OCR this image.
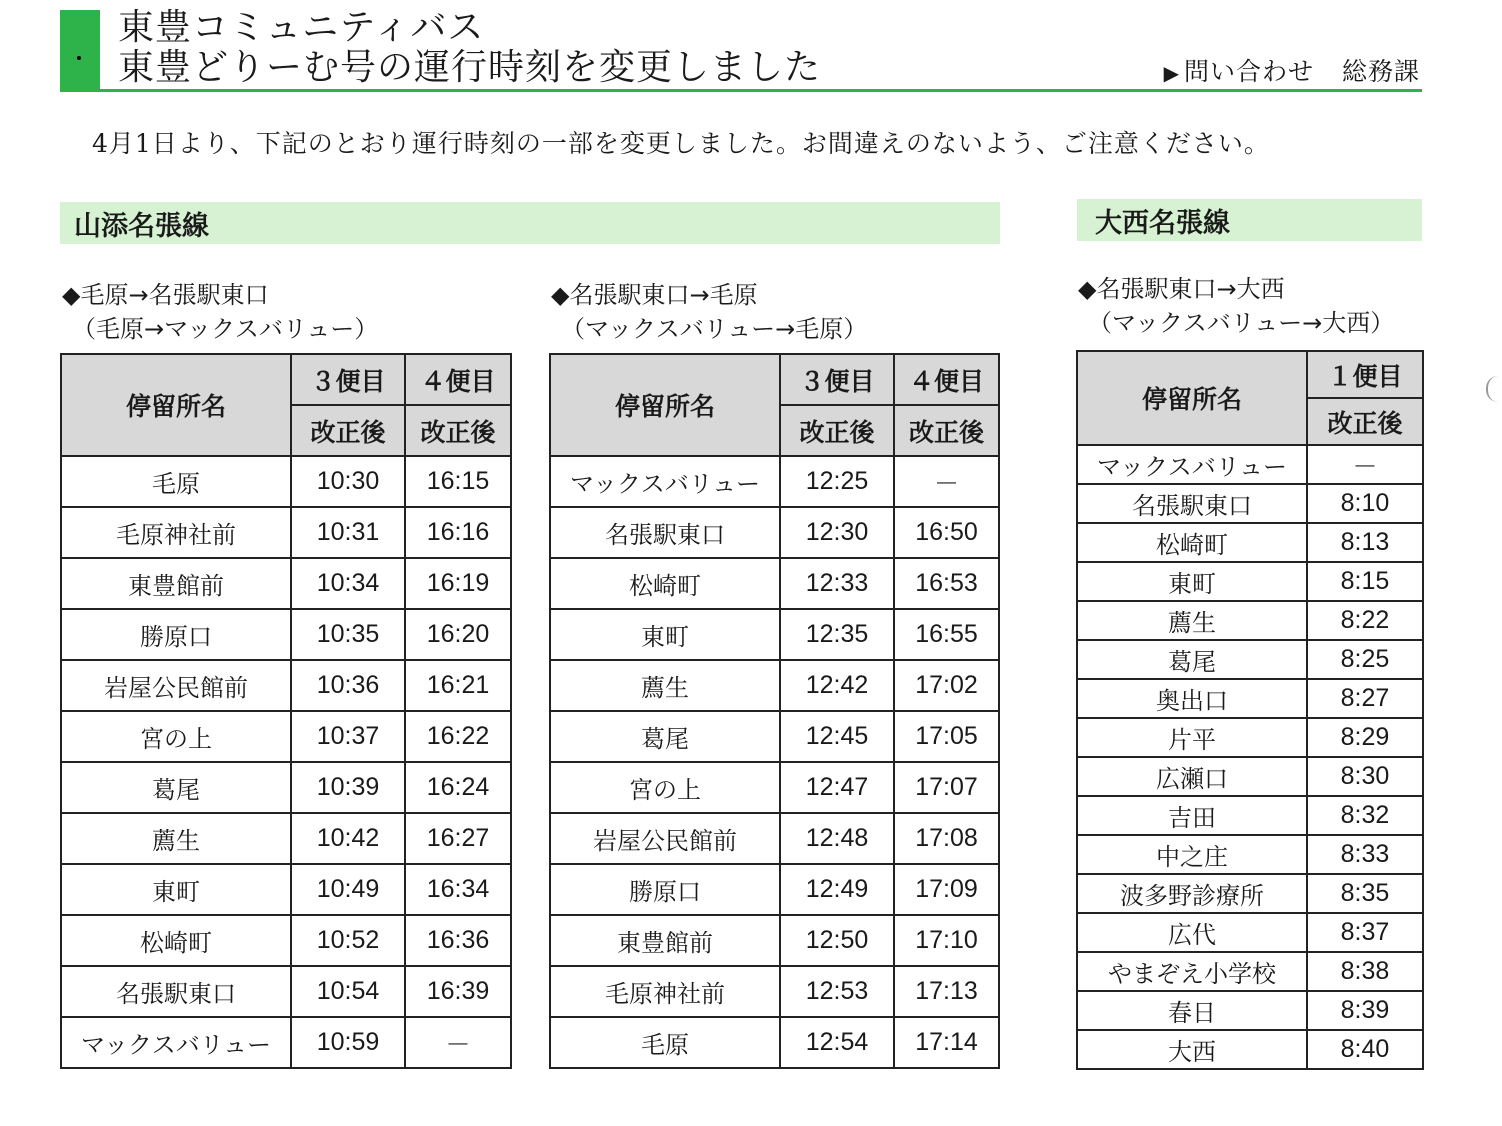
東豊コミュニティバス
東豊どりーむ号の運行時刻を変更しました	▶ 問い合わせ 総務課
4月1日より、下記のとおり運行時刻の一部を変更しました。お間違えのないよう、ご注意ください。
山添名張線	大西名張線
◆毛原→名張駅東口
（毛原→マックスバリュー）
◆名張駅東口→毛原
（マックスバリュー→毛原）
◆名張駅東口→大西
（マックスバリュー→大西）
停留所名	３便目	４便目
	改正後	改正後
毛原	10:30	16:15
毛原神社前	10:31	16:16
東豊館前	10:34	16:19
勝原口	10:35	16:20
岩屋公民館前	10:36	16:21
宮の上	10:37	16:22
葛尾	10:39	16:24
薦生	10:42	16:27
東町	10:49	16:34
松崎町	10:52	16:36
名張駅東口	10:54	16:39
マックスバリュー	10:59	－
停留所名	３便目	４便目
	改正後	改正後
マックスバリュー	12:25	－
名張駅東口	12:30	16:50
松崎町	12:33	16:53
東町	12:35	16:55
薦生	12:42	17:02
葛尾	12:45	17:05
宮の上	12:47	17:07
岩屋公民館前	12:48	17:08
勝原口	12:49	17:09
東豊館前	12:50	17:10
毛原神社前	12:53	17:13
毛原	12:54	17:14
停留所名	１便目
	改正後
マックスバリュー	－
名張駅東口	8:10
松崎町	8:13
東町	8:15
薦生	8:22
葛尾	8:25
奥出口	8:27
片平	8:29
広瀬口	8:30
吉田	8:32
中之庄	8:33
波多野診療所	8:35
広代	8:37
やまぞえ小学校	8:38
春日	8:39
大西	8:40
